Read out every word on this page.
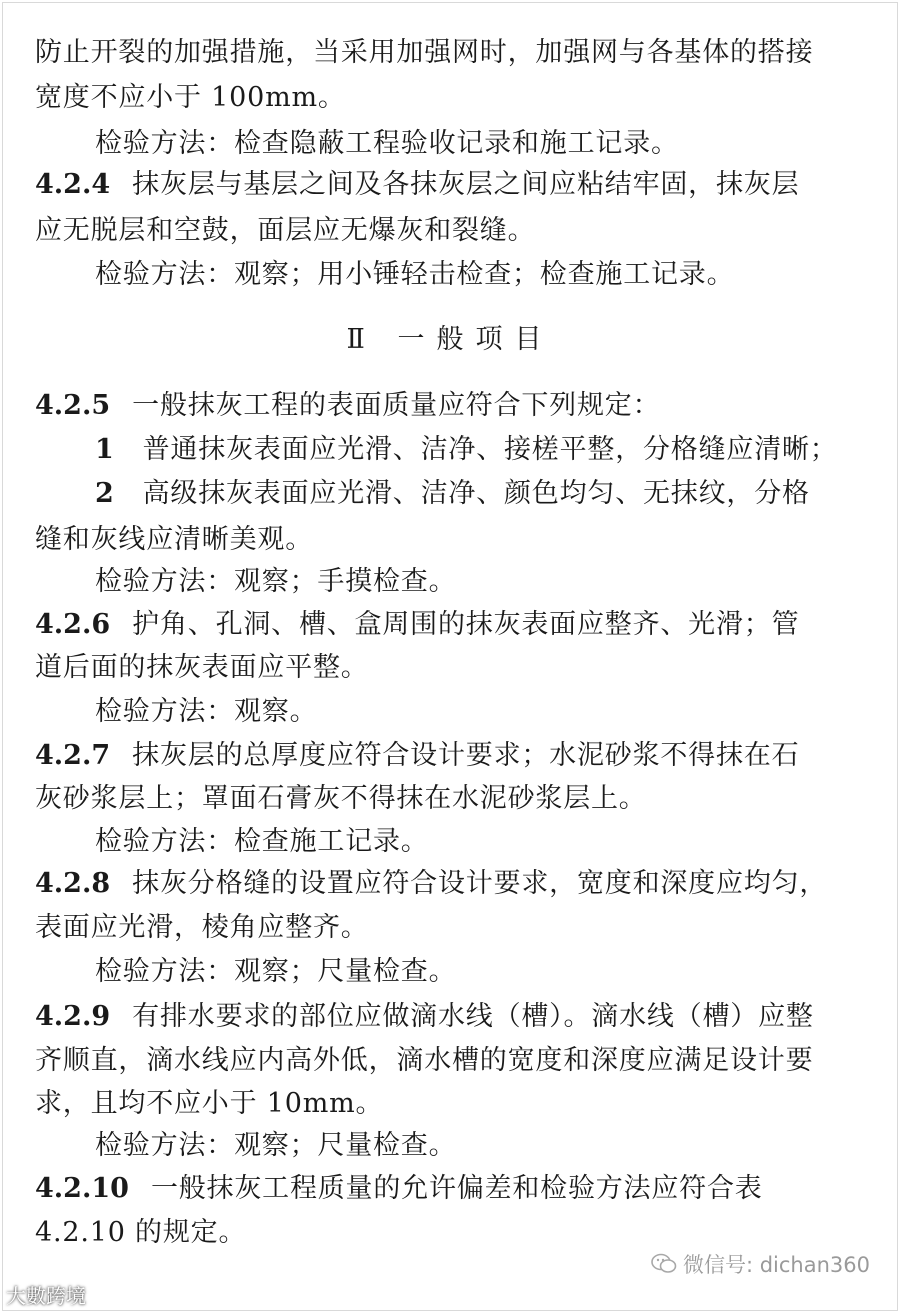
防止开裂的加强措施，当采用加强网时，加强网与各基体的搭接
宽度不应小于 100mm。
检验方法：检查隐蔽工程验收记录和施工记录。
4.2.4 抹灰层与基层之间及各抹灰层之间应粘结牢固，抹灰层
应无脱层和空鼓，面层应无爆灰和裂缝。
检验方法：观察；用小锤轻击检查；检查施工记录。
Ⅱ 一般项目
4.2.5 一般抹灰工程的表面质量应符合下列规定：
1 普通抹灰表面应光滑、洁净、接槎平整，分格缝应清晰；
2 高级抹灰表面应光滑、洁净、颜色均匀、无抹纹，分格
缝和灰线应清晰美观。
检验方法：观察；手摸检查。
4.2.6 护角、孔洞、槽、盒周围的抹灰表面应整齐、光滑；管
道后面的抹灰表面应平整。
检验方法：观察。
4.2.7 抹灰层的总厚度应符合设计要求；水泥砂浆不得抹在石
灰砂浆层上；罩面石膏灰不得抹在水泥砂浆层上。
检验方法：检查施工记录。
4.2.8 抹灰分格缝的设置应符合设计要求，宽度和深度应均匀，
表面应光滑，棱角应整齐。
检验方法：观察；尺量检查。
4.2.9 有排水要求的部位应做滴水线（槽）。滴水线（槽）应整
齐顺直，滴水线应内高外低，滴水槽的宽度和深度应满足设计要
求，且均不应小于 10mm。
检验方法：观察；尺量检查。
4.2.10 一般抹灰工程质量的允许偏差和检验方法应符合表
4.2.10 的规定。
微信号: dichan360
大數跨境
